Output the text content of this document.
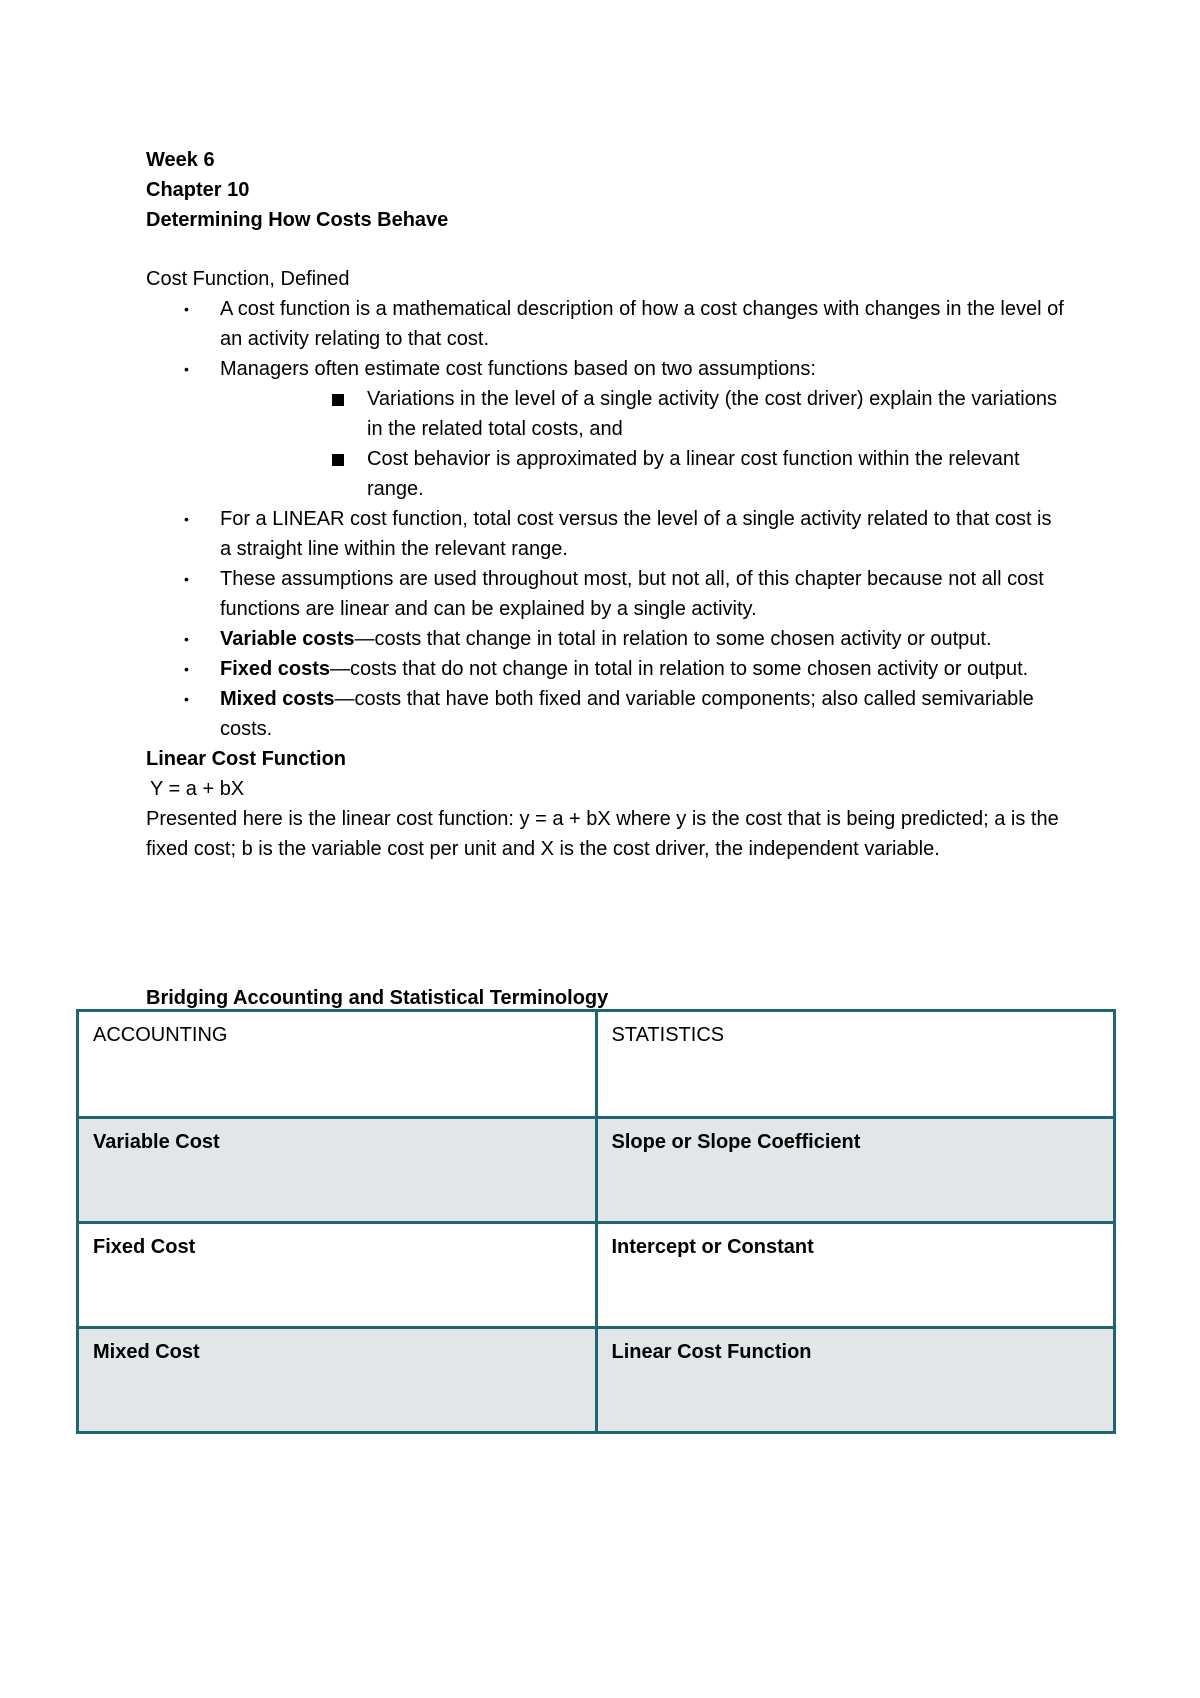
Week 6
Chapter 10
Determining How Costs Behave
Cost Function, Defined
• A cost function is a mathematical description of how a cost changes with changes in the level of an activity relating to that cost.
• Managers often estimate cost functions based on two assumptions:
Variations in the level of a single activity (the cost driver) explain the variations in the related total costs, and
Cost behavior is approximated by a linear cost function within the relevant range.
• For a LINEAR cost function, total cost versus the level of a single activity related to that cost is a straight line within the relevant range.
• These assumptions are used throughout most, but not all, of this chapter because not all cost functions are linear and can be explained by a single activity.
• Variable costs—costs that change in total in relation to some chosen activity or output.
• Fixed costs—costs that do not change in total in relation to some chosen activity or output.
• Mixed costs—costs that have both fixed and variable components; also called semivariable costs.
Linear Cost Function
Y = a + bX
Presented here is the linear cost function: y = a + bX where y is the cost that is being predicted; a is the fixed cost; b is the variable cost per unit and X is the cost driver, the independent variable.
Bridging Accounting and Statistical Terminology
ACCOUNTING	STATISTICS
Variable Cost	Slope or Slope Coefficient
Fixed Cost	Intercept or Constant
Mixed Cost	Linear Cost Function
